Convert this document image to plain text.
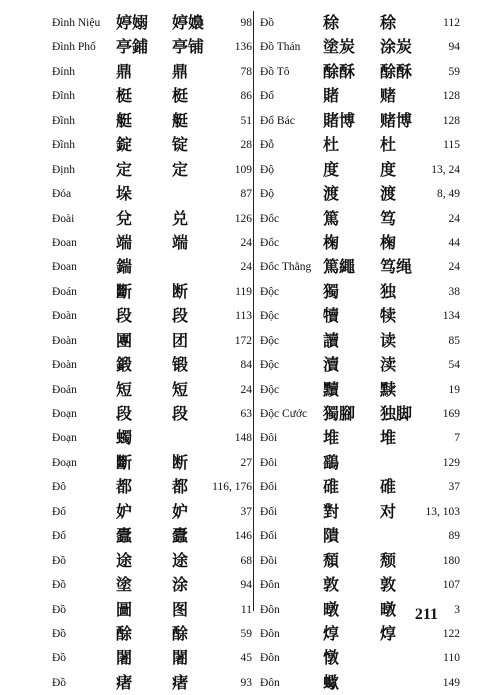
Đình Niệu 婷嫋 婷嬝	98
Đình Phố 亭鋪 亭铺	136
Đỉnh	鼎 鼎	78
Đĩnh	梃 梃	86
Đĩnh	艇 艇	51
Đĩnh	錠 锭	28
Định	定 定	109
Đóa	垛	87
Đoài	兌 兑	126
Đoan 端 端	24
Đoan 鍴	24
Đoán 斷 断	119
Đoàn 段 段	113
Đoàn 團 团	172
Đoàn 鍛 锻	84
Đoản 短 短	24
Đoạn 段 段	63
Đoạn 蠋	148
Đoạn 斷 断	27
Đô	都 都	116, 176
Đố	妒 妒	37
Đố	蠹 蠹	146
Đồ	途 途	68
Đồ	塗 涂	94
Đồ	圖 图	11
Đồ	酴 酴	59
Đồ	闍 闍	45
Đồ	瘏 瘏	93
Đồ	稌	稌	112
Đồ Thán 塗炭 涂炭	94
Đồ Tô 酴酥 酴酥	59
Đổ	賭	赌	128
Đổ Bác 賭博 赌博	128
Đỗ	杜	杜	115
Độ	度	度	13, 24
Độ	渡	渡	8, 49
Đốc	篤	笃	24
Đốc	椈	椈	44
Đốc Thằng 篤繩 笃绳	24
Độc	獨	独	38
Độc	犢	犊	134
Độc	讀	读	85
Độc	瀆	渎	54
Độc	黷	黩	19
Độc Cước 獨腳 独脚	169
Đôi	堆	堆	7
Đôi	鷂	129
Đối	碓	碓	37
Đối	對	对	13, 103
Đối	隤	89
Đồi	頹	颓	180
Đôn	敦	敦	107
Đôn	暾	暾	3
Đôn	焞	焞	122
Đôn	憞	110
Đôn	蠍	149
211
